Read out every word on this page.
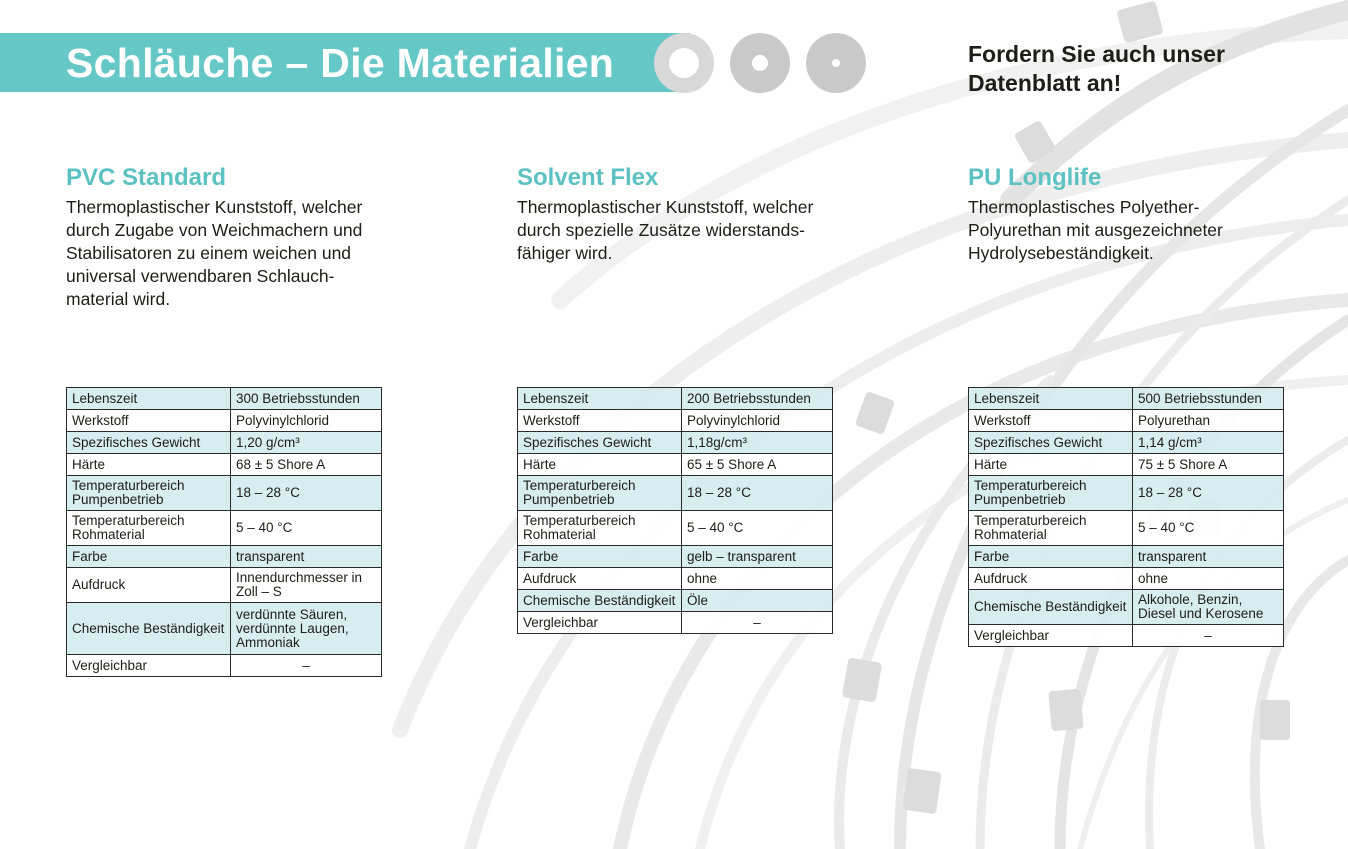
Schläuche – Die Materialien	Fordern Sie auch unser Datenblatt an!
PVC Standard
Thermoplastischer Kunststoff, welcher durch Zugabe von Weichmachern und Stabilisatoren zu einem weichen und universal verwendbaren Schlauch-material wird.
Lebenszeit	300 Betriebsstunden
Werkstoff	Polyvinylchlorid
Spezifisches Gewicht	1,20 g/cm³
Härte	68 ± 5 Shore A
Temperaturbereich Pumpenbetrieb	18 – 28 °C
Temperaturbereich Rohmaterial	5 – 40 °C
Farbe	transparent
Aufdruck	Innendurchmesser in Zoll – S
Chemische Beständigkeit	verdünnte Säuren, verdünnte Laugen, Ammoniak
Vergleichbar	–
Solvent Flex
Thermoplastischer Kunststoff, welcher durch spezielle Zusätze widerstands-fähiger wird.
Lebenszeit	200 Betriebsstunden
Werkstoff	Polyvinylchlorid
Spezifisches Gewicht	1,18g/cm³
Härte	65 ± 5 Shore A
Temperaturbereich Pumpenbetrieb	18 – 28 °C
Temperaturbereich Rohmaterial	5 – 40 °C
Farbe	gelb – transparent
Aufdruck	ohne
Chemische Beständigkeit	Öle
Vergleichbar	–
PU Longlife
Thermoplastisches Polyether-Polyurethan mit ausgezeichneter Hydrolysebeständigkeit.
Lebenszeit	500 Betriebsstunden
Werkstoff	Polyurethan
Spezifisches Gewicht	1,14 g/cm³
Härte	75 ± 5 Shore A
Temperaturbereich Pumpenbetrieb	18 – 28 °C
Temperaturbereich Rohmaterial	5 – 40 °C
Farbe	transparent
Aufdruck	ohne
Chemische Beständigkeit	Alkohole, Benzin, Diesel und Kerosene
Vergleichbar	–
